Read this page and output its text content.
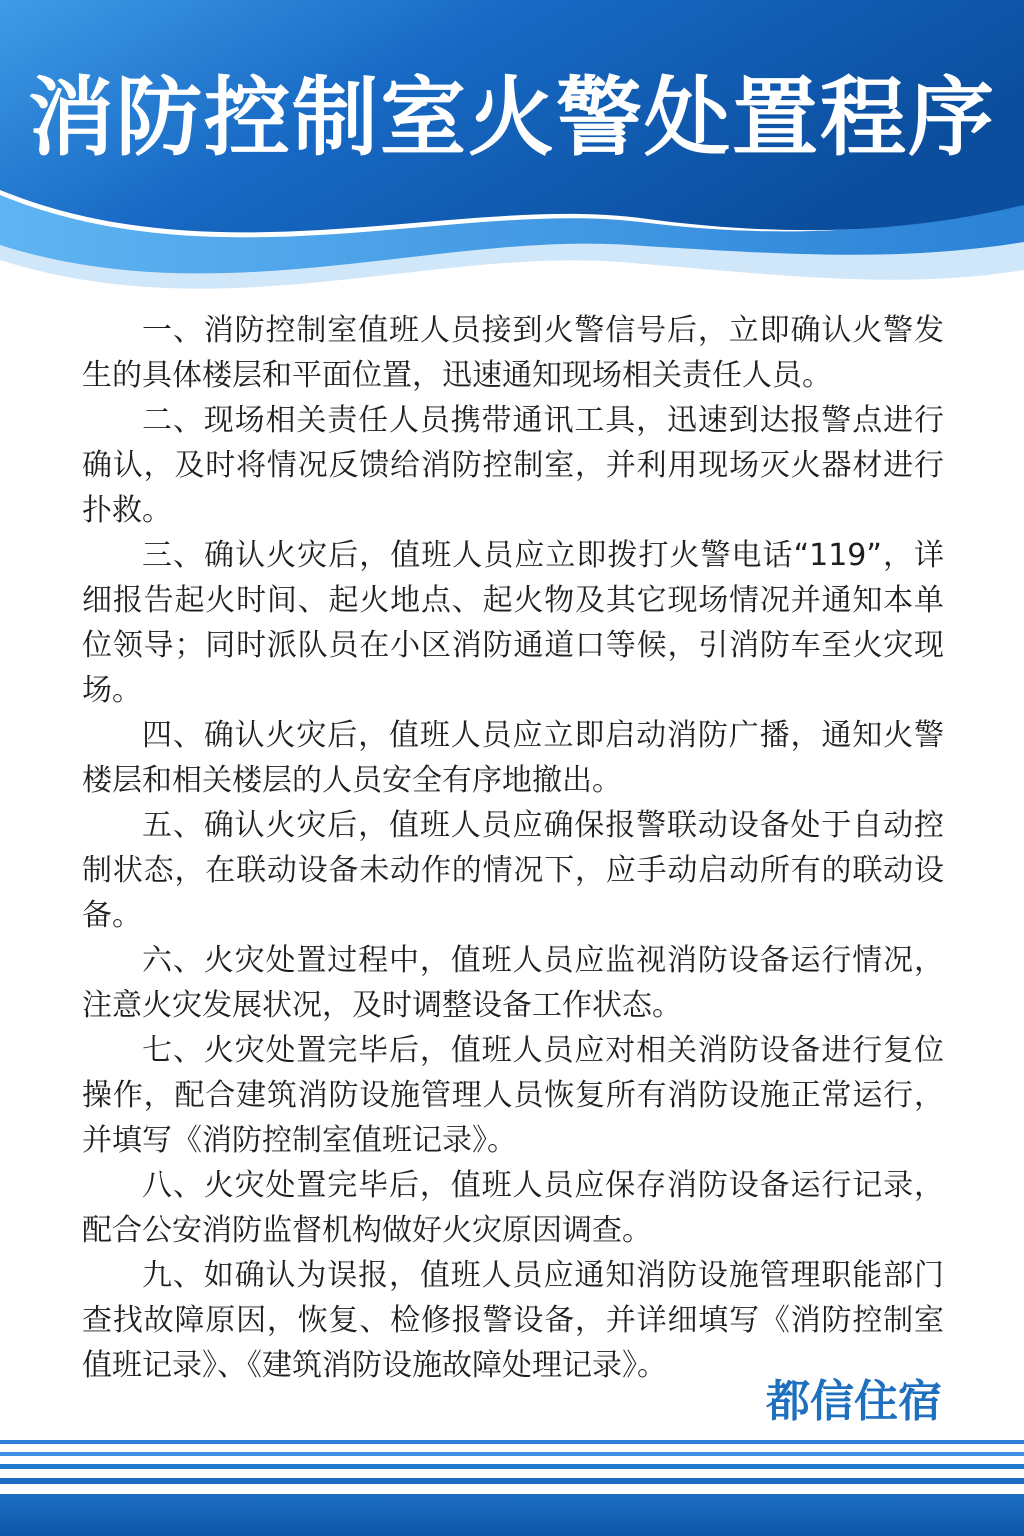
消防控制室火警处置程序

一、消防控制室值班人员接到火警信号后，立即确认火警发生的具体楼层和平面位置，迅速通知现场相关责任人员。

二、现场相关责任人员携带通讯工具，迅速到达报警点进行确认，及时将情况反馈给消防控制室，并利用现场灭火器材进行扑救。

三、确认火灾后，值班人员应立即拨打火警电话“119”，详细报告起火时间、起火地点、起火物及其它现场情况并通知本单位领导；同时派队员在小区消防通道口等候，引消防车至火灾现场。

四、确认火灾后，值班人员应立即启动消防广播，通知火警楼层和相关楼层的人员安全有序地撤出。

五、确认火灾后，值班人员应确保报警联动设备处于自动控制状态，在联动设备未动作的情况下，应手动启动所有的联动设备。

六、火灾处置过程中，值班人员应监视消防设备运行情况，注意火灾发展状况，及时调整设备工作状态。

七、火灾处置完毕后，值班人员应对相关消防设备进行复位操作，配合建筑消防设施管理人员恢复所有消防设施正常运行，并填写《消防控制室值班记录》。

八、火灾处置完毕后，值班人员应保存消防设备运行记录，配合公安消防监督机构做好火灾原因调查。

九、如确认为误报，值班人员应通知消防设施管理职能部门查找故障原因，恢复、检修报警设备，并详细填写《消防控制室值班记录》、《建筑消防设施故障处理记录》。

都信住宿
